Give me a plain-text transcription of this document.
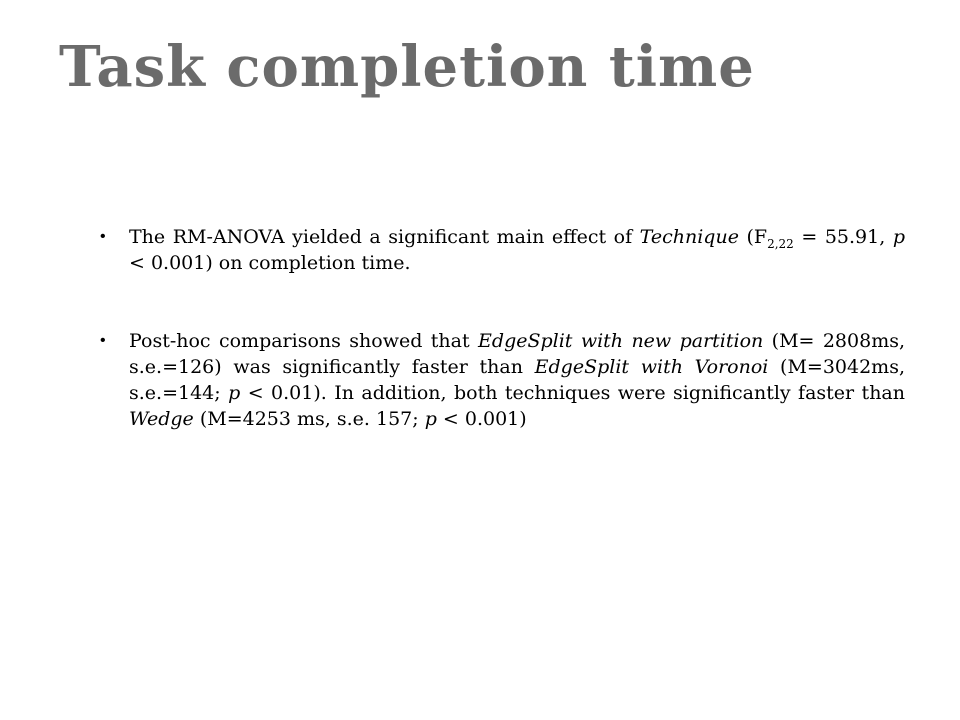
Task completion time
• The RM-ANOVA yielded a significant main effect of Technique ($F_{2,22} = 55.91$, p < 0.001) on completion time.
• Post-hoc comparisons showed that EdgeSplit with new partition (M= 2808ms, s.e.=126) was significantly faster than EdgeSplit with Voronoi (M=3042ms, s.e.=144; p < 0.01). In addition, both techniques were significantly faster than Wedge (M=4253 ms, s.e. 157; p < 0.001)
